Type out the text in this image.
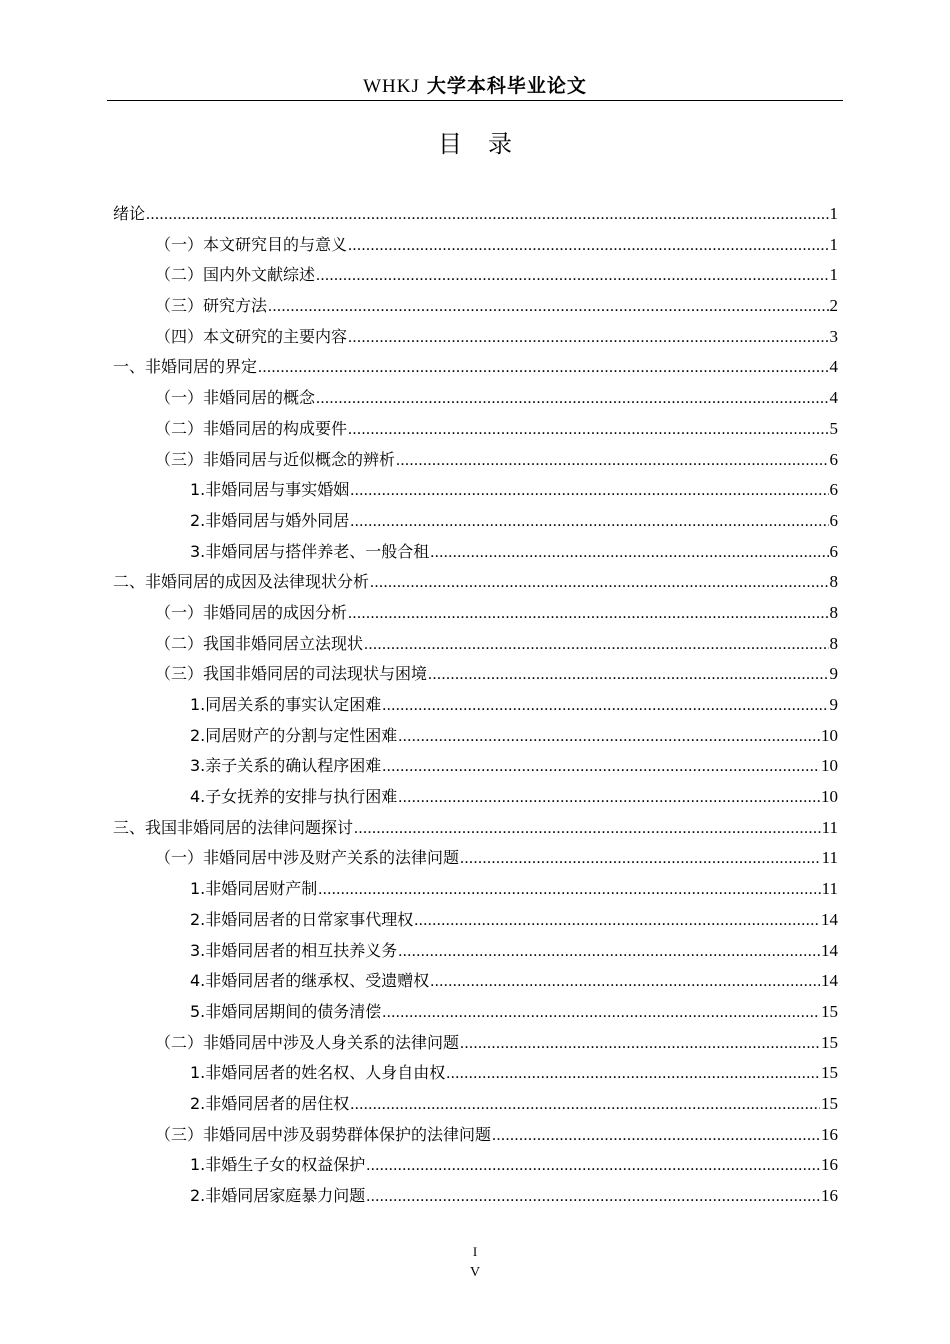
WHKJ 大学本科毕业论文
目录
绪论 .....	1
（一）本文研究目的与意义 .....	1
（二）国内外文献综述 .....	1
（三）研究方法 .....	2
（四）本文研究的主要内容 .....	3
一、非婚同居的界定 .....	4
（一）非婚同居的概念 .....	4
（二）非婚同居的构成要件 .....	5
（三）非婚同居与近似概念的辨析 .....	6
1.非婚同居与事实婚姻 .....	6
2.非婚同居与婚外同居 .....	6
3.非婚同居与搭伴养老、一般合租 .....	6
二、非婚同居的成因及法律现状分析 .....	8
（一）非婚同居的成因分析 .....	8
（二）我国非婚同居立法现状 .....	8
（三）我国非婚同居的司法现状与困境 .....	9
1.同居关系的事实认定困难 .....	9
2.同居财产的分割与定性困难 .....	10
3.亲子关系的确认程序困难 .....	10
4.子女抚养的安排与执行困难 .....	10
三、我国非婚同居的法律问题探讨 .....	11
（一）非婚同居中涉及财产关系的法律问题 .....	11
1.非婚同居财产制 .....	11
2.非婚同居者的日常家事代理权 .....	14
3.非婚同居者的相互扶养义务 .....	14
4.非婚同居者的继承权、受遗赠权 .....	14
5.非婚同居期间的债务清偿 .....	15
（二）非婚同居中涉及人身关系的法律问题 .....	15
1.非婚同居者的姓名权、人身自由权 .....	15
2.非婚同居者的居住权 .....	15
（三）非婚同居中涉及弱势群体保护的法律问题 .....	16
1.非婚生子女的权益保护 .....	16
2.非婚同居家庭暴力问题 .....	16
I
V
